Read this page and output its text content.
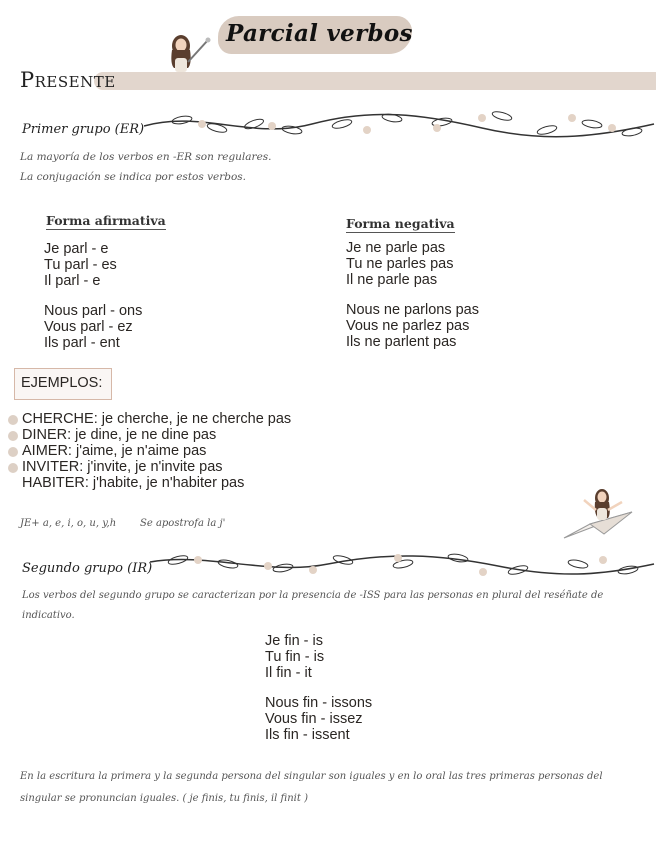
Parcial verbos
Presente
Primer grupo (ER)
La mayoría de los verbos en -ER son regulares.
La conjugación se indica por estos verbos.
Forma afirmativa
Je parl - e
Tu parl - es
Il parl - e
Nous parl - ons
Vous parl - ez
Ils parl - ent
Forma negativa
Je ne parle pas
Tu ne parles pas
Il ne parle pas
Nous ne parlons pas
Vous ne parlez pas
Ils ne parlent pas
EJEMPLOS:
CHERCHE: je cherche, je ne cherche pas
DINER: je dine, je ne dine pas
AIMER: j'aime, je n'aime pas
INVITER: j'invite, je n'invite pas
HABITER: j'habite, je n'habiter pas
JE+ a, e, i, o, u, y,h Se apostrofa la j'
Segundo grupo (IR)
Los verbos del segundo grupo se caracterizan por la presencia de -ISS para las personas en plural del reséñate de
indicativo.
Je fin - is
Tu fin - is
Il fin - it
Nous fin - issons
Vous fin - issez
Ils fin - issent
En la escritura la primera y la segunda persona del singular son iguales y en lo oral las tres primeras personas del
singular se pronuncian iguales. ( je finis, tu finis, il finit )
